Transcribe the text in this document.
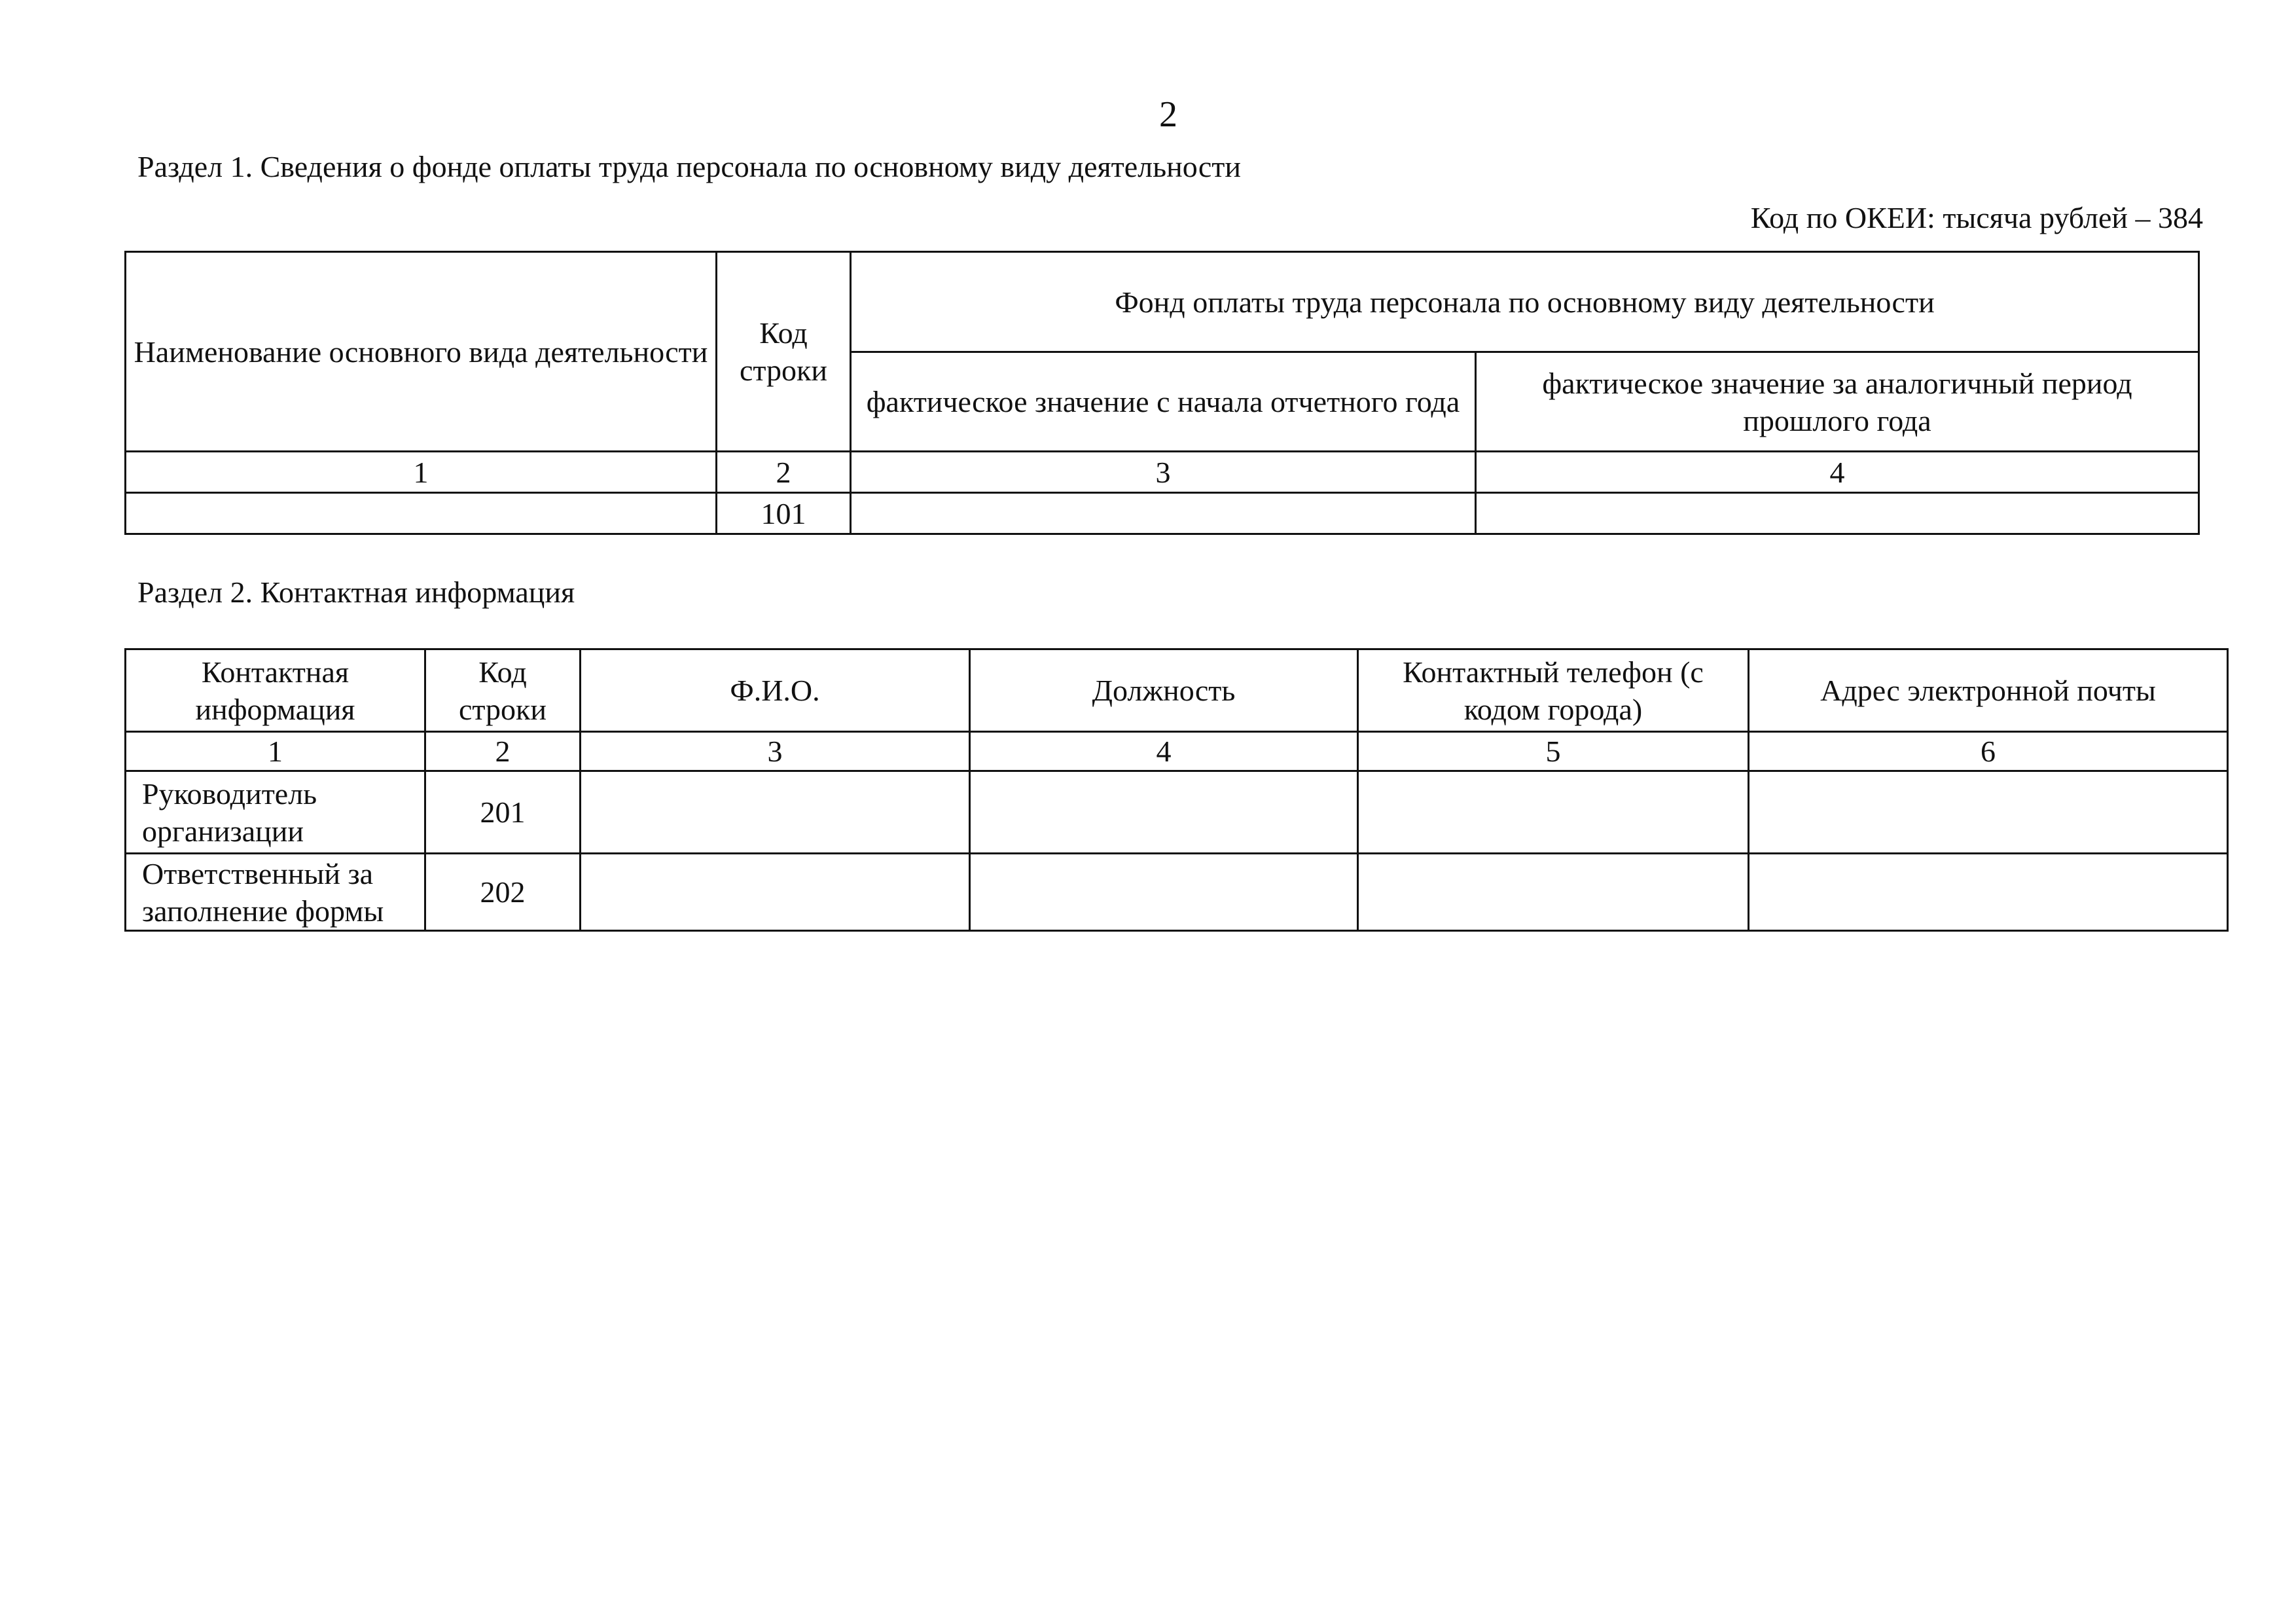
2
Раздел 1. Сведения о фонде оплаты труда персонала по основному виду деятельности
Код по ОКЕИ: тысяча рублей – 384
Наименование основного вида деятельности	Код строки	Фонд оплаты труда персонала по основному виду деятельности	
		фактическое значение с начала отчетного года	фактическое значение за аналогичный период прошлого года
1	2	3	4
	101		
Раздел 2. Контактная информация
Контактная информация	Код строки	Ф.И.О.	Должность	Контактный телефон (с кодом города)	Адрес электронной почты
1	2	3	4	5	6
Руководитель организации	201				
Ответственный за заполнение формы	202				
